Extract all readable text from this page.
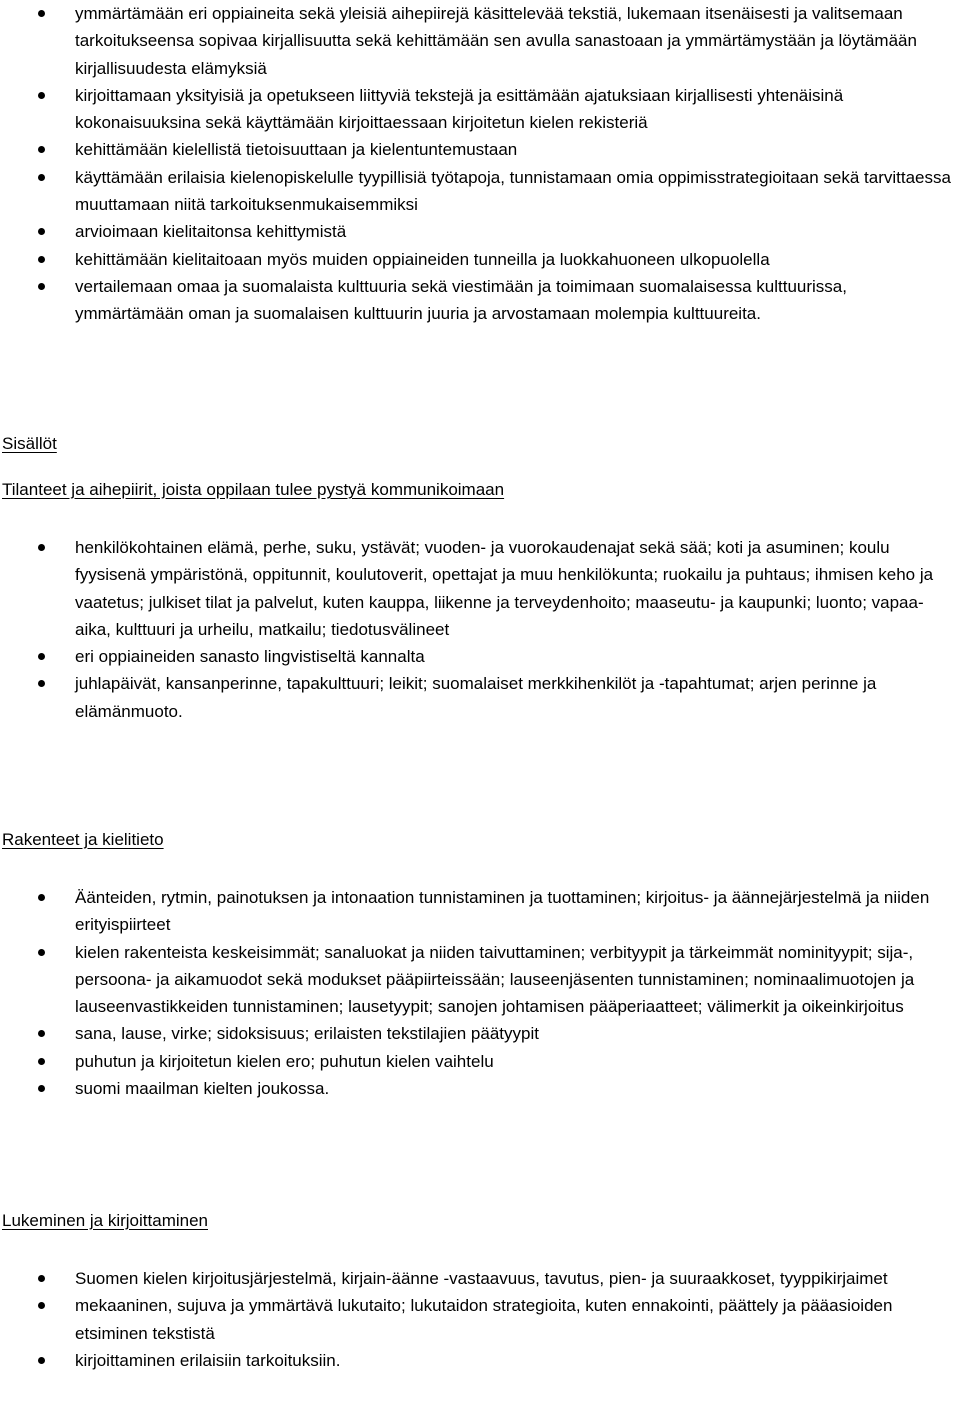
ymmärtämään eri oppiaineita sekä yleisiä aihepiirejä käsittelevää tekstiä, lukemaan itsenäisesti ja valitsemaan tarkoitukseensa sopivaa kirjallisuutta sekä kehittämään sen avulla sanastoaan ja ymmärtämystään ja löytämään kirjallisuudesta elämyksiä
kirjoittamaan yksityisiä ja opetukseen liittyviä tekstejä ja esittämään ajatuksiaan kirjallisesti yhtenäisinä kokonaisuuksina sekä käyttämään kirjoittaessaan kirjoitetun kielen rekisteriä
kehittämään kielellistä tietoisuuttaan ja kielentuntemustaan
käyttämään erilaisia kielenopiskelulle tyypillisiä työtapoja, tunnistamaan omia oppimisstrategioitaan sekä tarvittaessa muuttamaan niitä tarkoituksenmukaisemmiksi
arvioimaan kielitaitonsa kehittymistä
kehittämään kielitaitoaan myös muiden oppiaineiden tunneilla ja luokkahuoneen ulkopuolella
vertailemaan omaa ja suomalaista kulttuuria sekä viestimään ja toimimaan suomalaisessa kulttuurissa, ymmärtämään oman ja suomalaisen kulttuurin juuria ja arvostamaan molempia kulttuureita.
Sisällöt
Tilanteet ja aihepiirit, joista oppilaan tulee pystyä kommunikoimaan
henkilökohtainen elämä, perhe, suku, ystävät; vuoden- ja vuorokaudenajat sekä sää; koti ja asuminen; koulu fyysisenä ympäristönä, oppitunnit, koulutoverit, opettajat ja muu henkilökunta; ruokailu ja puhtaus; ihmisen keho ja vaatetus; julkiset tilat ja palvelut, kuten kauppa, liikenne ja terveydenhoito; maaseutu- ja kaupunki; luonto; vapaa-aika, kulttuuri ja urheilu, matkailu; tiedotusvälineet
eri oppiaineiden sanasto lingvistiseltä kannalta
juhlapäivät, kansanperinne, tapakulttuuri; leikit; suomalaiset merkkihenkilöt ja -tapahtumat; arjen perinne ja elämänmuoto.
Rakenteet ja kielitieto
Äänteiden, rytmin, painotuksen ja intonaation tunnistaminen ja tuottaminen; kirjoitus- ja äännejärjestelmä ja niiden erityispiirteet
kielen rakenteista keskeisimmät; sanaluokat ja niiden taivuttaminen; verbityypit ja tärkeimmät nominityypit; sija-, persoona- ja aikamuodot sekä modukset pääpiirteissään; lauseenjäsenten tunnistaminen; nominaalimuotojen ja lauseenvastikkeiden tunnistaminen; lausetyypit; sanojen johtamisen pääperiaatteet; välimerkit ja oikeinkirjoitus
sana, lause, virke; sidoksisuus; erilaisten tekstilajien päätyypit
puhutun ja kirjoitetun kielen ero; puhutun kielen vaihtelu
suomi maailman kielten joukossa.
Lukeminen ja kirjoittaminen
Suomen kielen kirjoitusjärjestelmä, kirjain-äänne -vastaavuus, tavutus, pien- ja suuraakkoset, tyyppikirjaimet
mekaaninen, sujuva ja ymmärtävä lukutaito; lukutaidon strategioita, kuten ennakointi, päättely ja pääasioiden etsiminen tekstistä
kirjoittaminen erilaisiin tarkoituksiin.
